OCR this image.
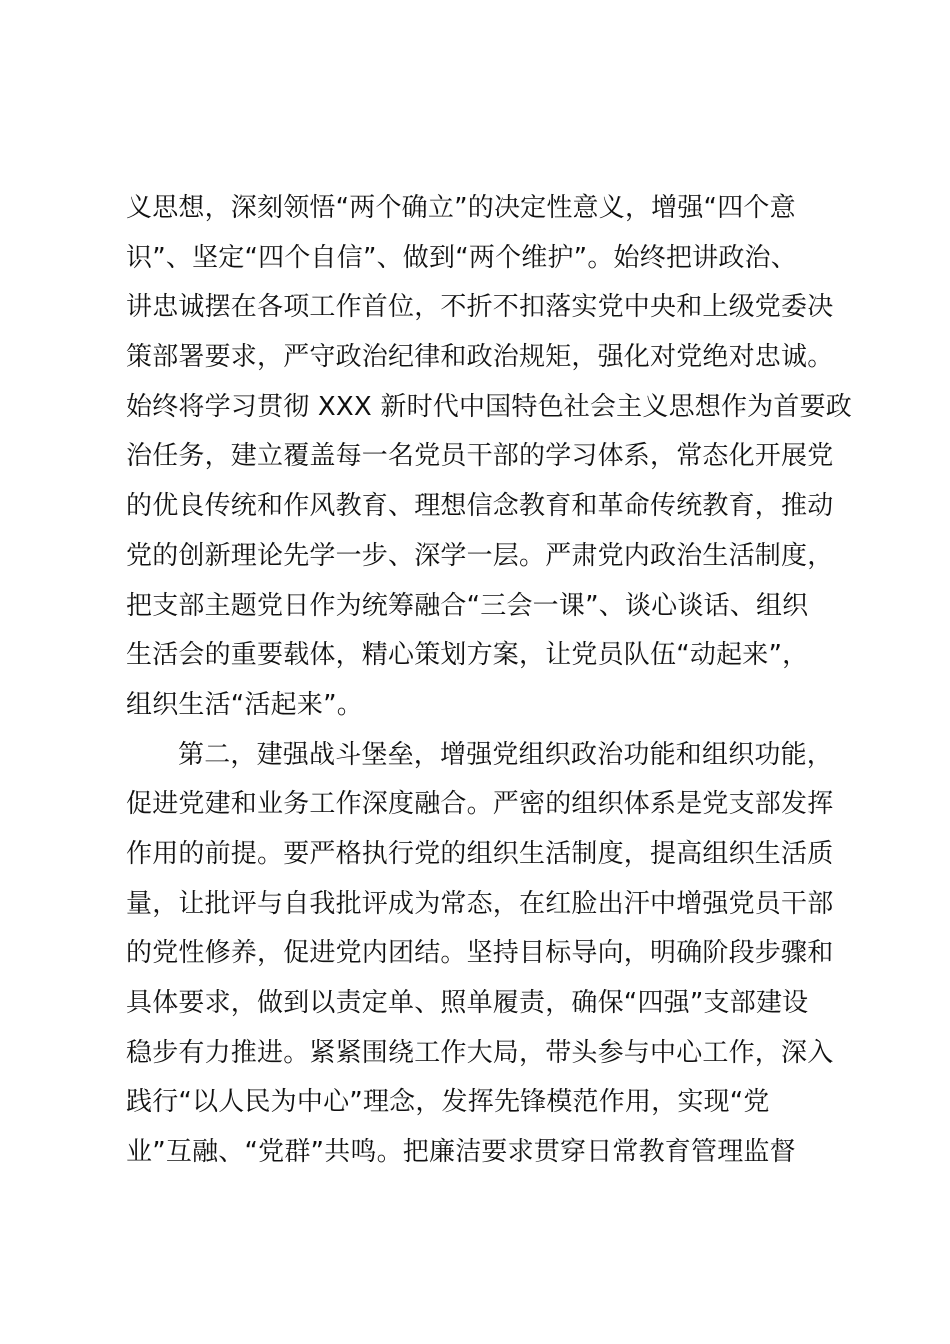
义思想，深刻领悟“两个确立”的决定性意义，增强“四个意
识”、坚定“四个自信”、做到“两个维护”。始终把讲政治、
讲忠诚摆在各项工作首位，不折不扣落实党中央和上级党委决
策部署要求，严守政治纪律和政治规矩，强化对党绝对忠诚。
始终将学习贯彻 XXX 新时代中国特色社会主义思想作为首要政
治任务，建立覆盖每一名党员干部的学习体系，常态化开展党
的优良传统和作风教育、理想信念教育和革命传统教育，推动
党的创新理论先学一步、深学一层。严肃党内政治生活制度，
把支部主题党日作为统筹融合“三会一课”、谈心谈话、组织
生活会的重要载体，精心策划方案，让党员队伍“动起来”，
组织生活“活起来”。
第二，建强战斗堡垒，增强党组织政治功能和组织功能，
促进党建和业务工作深度融合。严密的组织体系是党支部发挥
作用的前提。要严格执行党的组织生活制度，提高组织生活质
量，让批评与自我批评成为常态，在红脸出汗中增强党员干部
的党性修养，促进党内团结。坚持目标导向，明确阶段步骤和
具体要求，做到以责定单、照单履责，确保“四强”支部建设
稳步有力推进。紧紧围绕工作大局，带头参与中心工作，深入
践行“以人民为中心”理念，发挥先锋模范作用，实现“党
业”互融、“党群”共鸣。把廉洁要求贯穿日常教育管理监督
